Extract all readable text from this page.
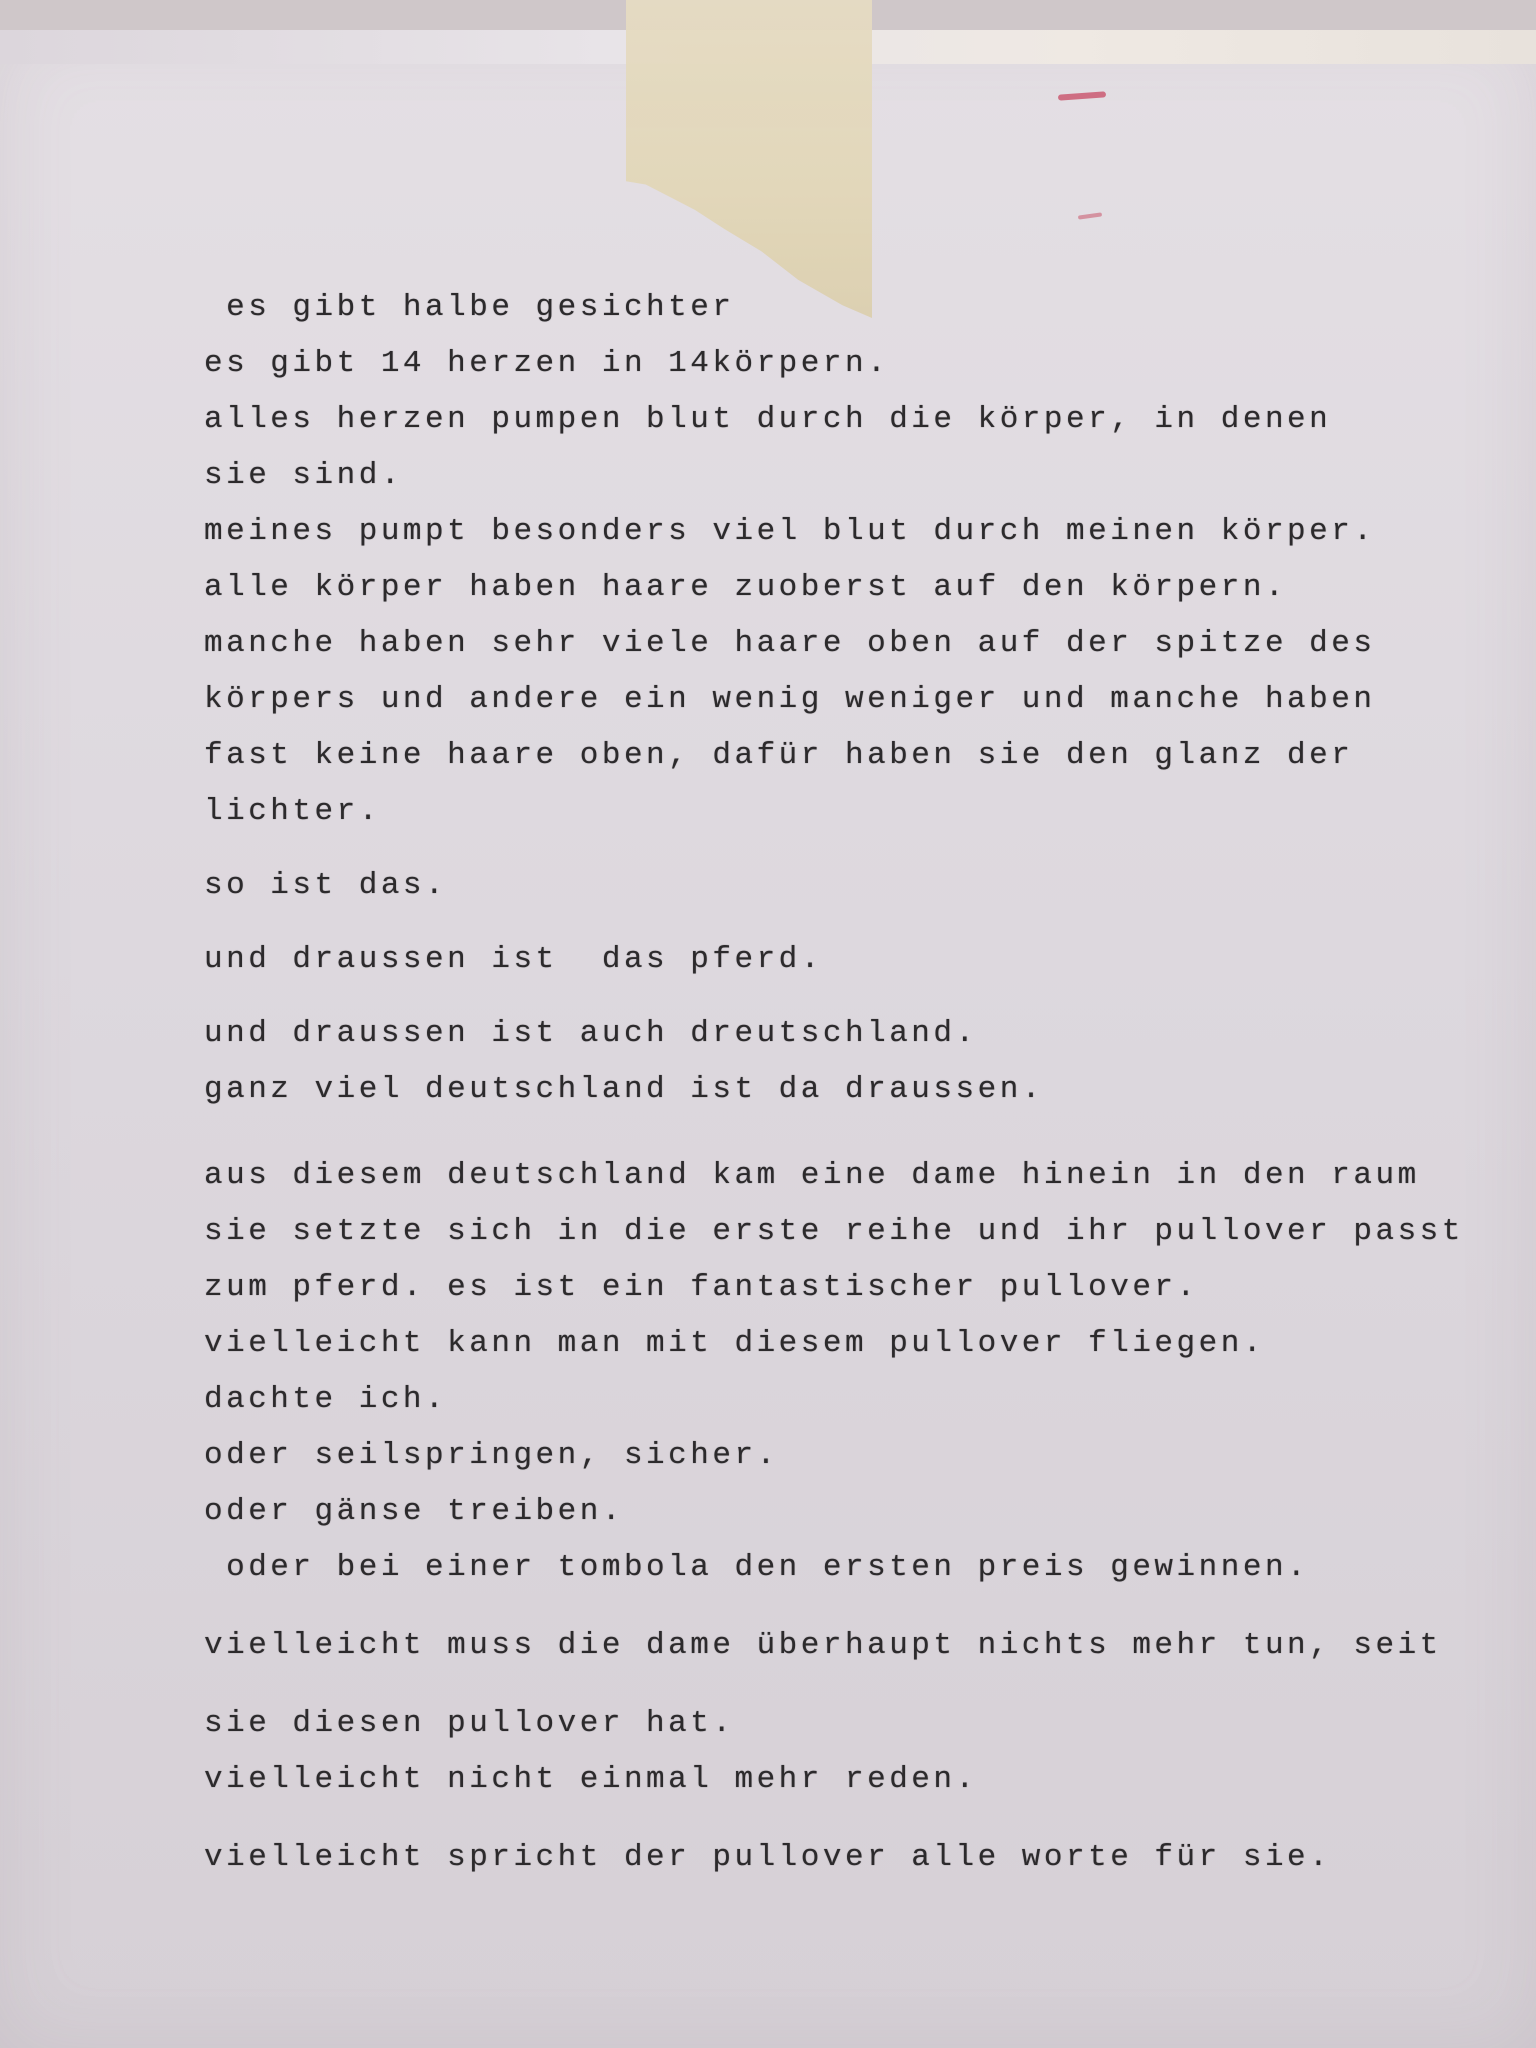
es gibt halbe gesichter
es gibt 14 herzen in 14körpern.
alles herzen pumpen blut durch die körper, in denen
sie sind.
meines pumpt besonders viel blut durch meinen körper.
alle körper haben haare zuoberst auf den körpern.
manche haben sehr viele haare oben auf der spitze des
körpers und andere ein wenig weniger und manche haben
fast keine haare oben, dafür haben sie den glanz der
lichter.
so ist das.
und draussen ist  das pferd.
und draussen ist auch dreutschland.
ganz viel deutschland ist da draussen.
aus diesem deutschland kam eine dame hinein in den raum
sie setzte sich in die erste reihe und ihr pullover passt
zum pferd. es ist ein fantastischer pullover.
vielleicht kann man mit diesem pullover fliegen.
dachte ich.
oder seilspringen, sicher.
oder gänse treiben.
oder bei einer tombola den ersten preis gewinnen.
vielleicht muss die dame überhaupt nichts mehr tun, seit
sie diesen pullover hat.
vielleicht nicht einmal mehr reden.
vielleicht spricht der pullover alle worte für sie.
